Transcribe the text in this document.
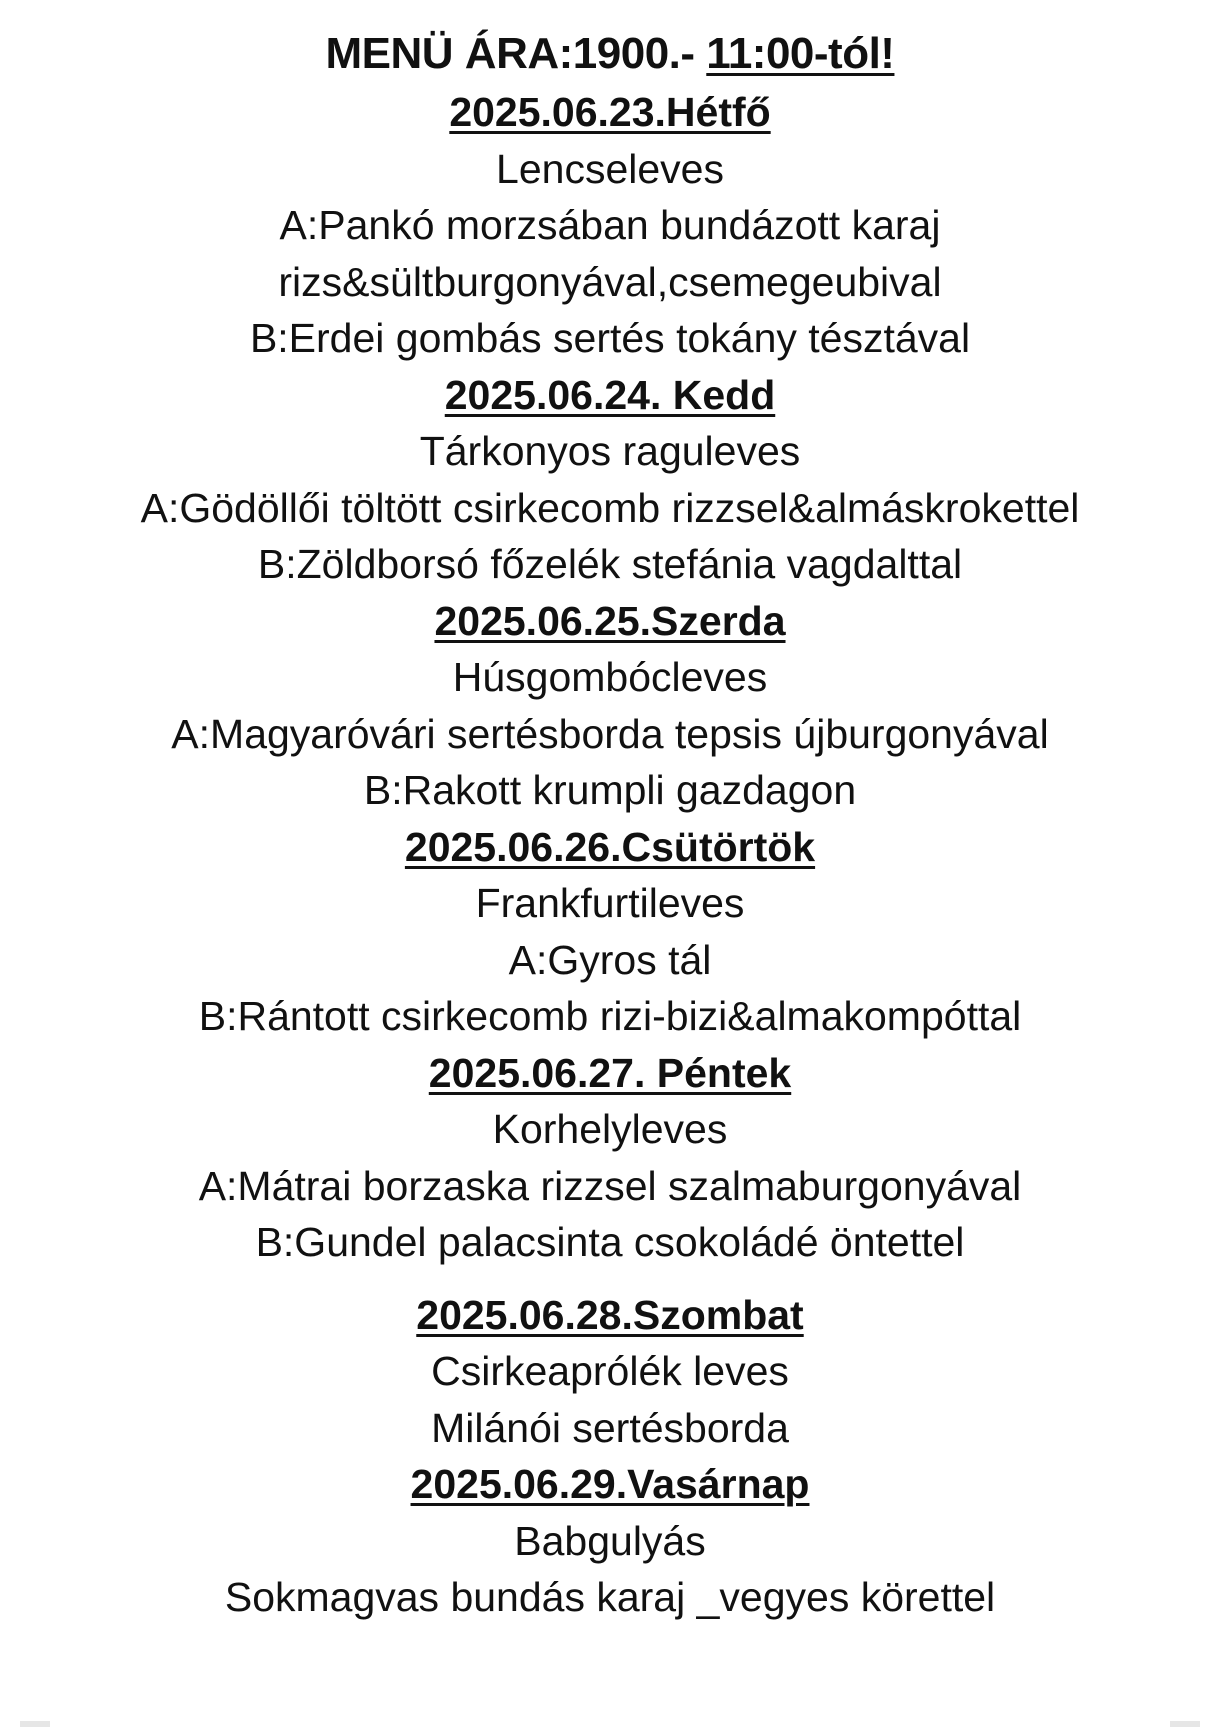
MENÜ ÁRA:1900.- 11:00-tól!
2025.06.23.Hétfő
Lencseleves
A:Pankó morzsában bundázott karaj
rizs&sültburgonyával,csemegeubival
B:Erdei gombás sertés tokány tésztával
2025.06.24. Kedd
Tárkonyos raguleves
A:Gödöllői töltött csirkecomb rizzsel&almáskrokettel
B:Zöldborsó főzelék stefánia vagdalttal
2025.06.25.Szerda
Húsgombócleves
A:Magyaróvári sertésborda tepsis újburgonyával
B:Rakott krumpli gazdagon
2025.06.26.Csütörtök
Frankfurtileves
A:Gyros tál
B:Rántott csirkecomb rizi-bizi&almakompóttal
2025.06.27. Péntek
Korhelyleves
A:Mátrai borzaska rizzsel szalmaburgonyával
B:Gundel palacsinta csokoládé öntettel
2025.06.28.Szombat
Csirkeaprólék leves
Milánói sertésborda
2025.06.29.Vasárnap
Babgulyás
Sokmagvas bundás karaj _vegyes körettel
